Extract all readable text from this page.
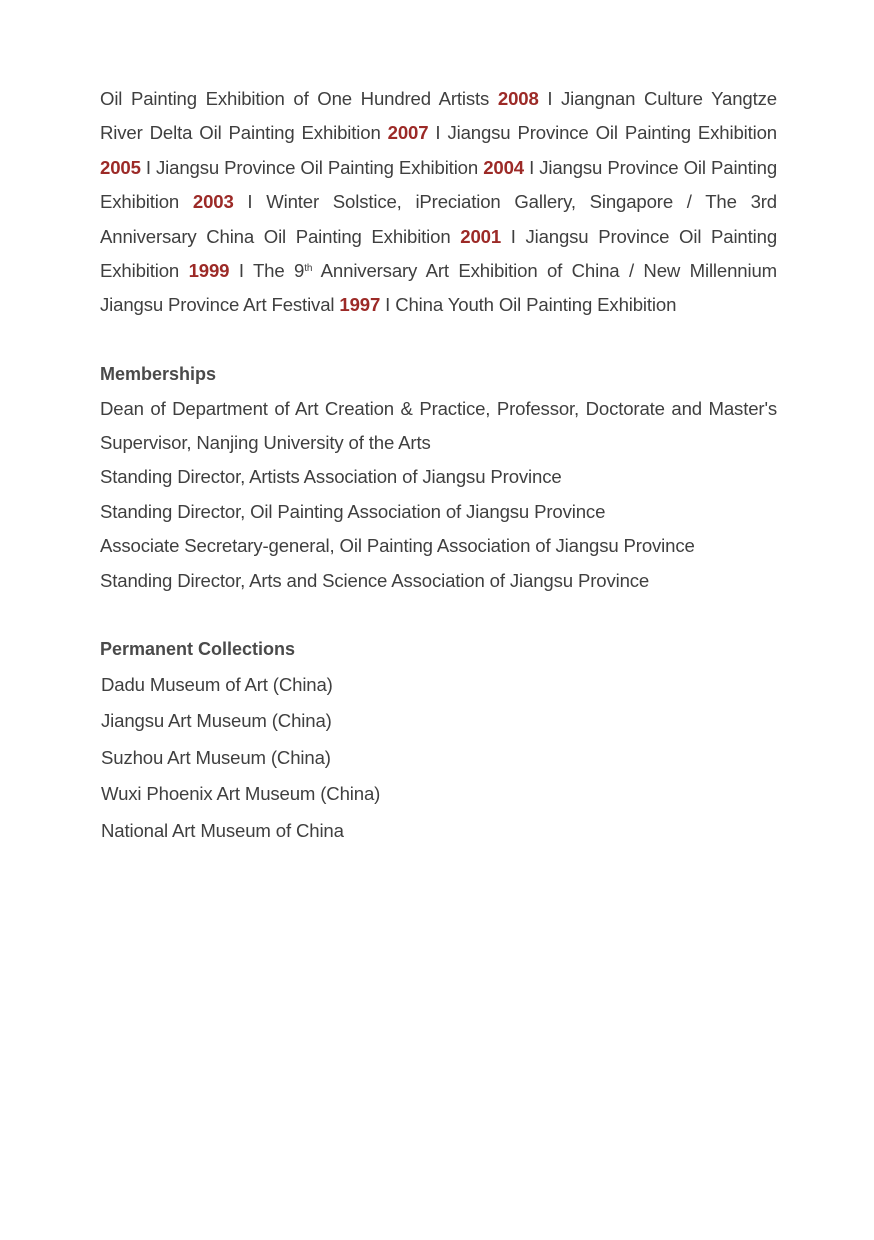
Oil Painting Exhibition of One Hundred Artists 2008 I Jiangnan Culture Yangtze River Delta Oil Painting Exhibition 2007 I Jiangsu Province Oil Painting Exhibition 2005 I Jiangsu Province Oil Painting Exhibition 2004 I Jiangsu Province Oil Painting Exhibition 2003 I Winter Solstice, iPreciation Gallery, Singapore / The 3rd Anniversary China Oil Painting Exhibition 2001 I Jiangsu Province Oil Painting Exhibition 1999 I The 9th Anniversary Art Exhibition of China / New Millennium Jiangsu Province Art Festival 1997 I China Youth Oil Painting Exhibition

Memberships
Dean of Department of Art Creation & Practice, Professor, Doctorate and Master's Supervisor, Nanjing University of the Arts
Standing Director, Artists Association of Jiangsu Province
Standing Director, Oil Painting Association of Jiangsu Province
Associate Secretary-general, Oil Painting Association of Jiangsu Province
Standing Director, Arts and Science Association of Jiangsu Province
Permanent Collections
Dadu Museum of Art (China)
Jiangsu Art Museum (China)
Suzhou Art Museum (China)
Wuxi Phoenix Art Museum (China)
National Art Museum of China
